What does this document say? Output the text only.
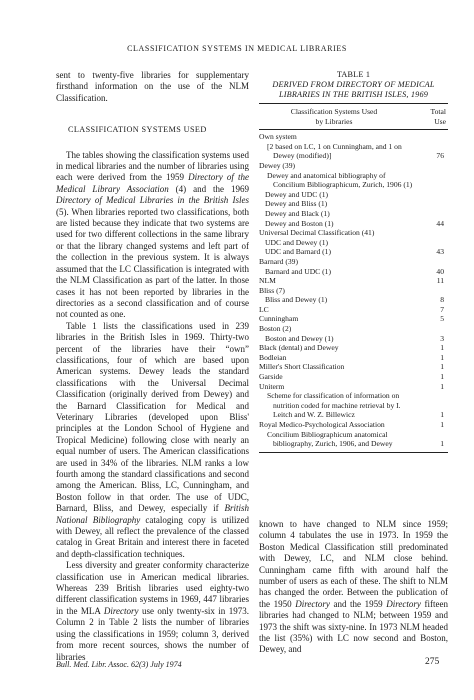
CLASSIFICATION SYSTEMS IN MEDICAL LIBRARIES

sent to twenty-five libraries for supplementary firsthand information on the use of the NLM Classification.

CLASSIFICATION SYSTEMS USED

The tables showing the classification systems used in medical libraries and the number of libraries using each were derived from the 1959 Directory of the Medical Library Association (4) and the 1969 Directory of Medical Libraries in the British Isles (5). When libraries reported two classifications, both are listed because they indicate that two systems are used for two different collections in the same library or that the library changed systems and left part of the collection in the previous system. It is always assumed that the LC Classification is integrated with the NLM Classification as part of the latter. In those cases it has not been reported by libraries in the directories as a second classification and of course not counted as one.

Table 1 lists the classifications used in 239 libraries in the British Isles in 1969. Thirty-two percent of the libraries have their “own” classifications, four of which are based upon American systems. Dewey leads the standard classifications with the Universal Decimal Classification (originally derived from Dewey) and the Barnard Classification for Medical and Veterinary Libraries (developed upon Bliss' principles at the London School of Hygiene and Tropical Medicine) following close with nearly an equal number of users. The American classifications are used in 34% of the libraries. NLM ranks a low fourth among the standard classifications and second among the American. Bliss, LC, Cunningham, and Boston follow in that order. The use of UDC, Barnard, Bliss, and Dewey, especially if British National Bibliography cataloging copy is utilized with Dewey, all reflect the prevalence of the classed catalog in Great Britain and interest there in faceted and depth-classification techniques.

Less diversity and greater conformity characterize classification use in American medical libraries. Whereas 239 British libraries used eighty-two different classification systems in 1969, 447 libraries in the MLA Directory use only twenty-six in 1973. Column 2 in Table 2 lists the number of libraries using the classifications in 1959; column 3, derived from more recent sources, shows the number of libraries

TABLE 1
DERIVED FROM DIRECTORY OF MEDICAL
LIBRARIES IN THE BRITISH ISLES, 1969
Classification Systems Used
by Libraries
Total
Use
Own system
[2 based on LC, 1 on Cunningham, and 1 on Dewey (modified)]	76
Dewey (39)
Dewey and anatomical bibliography of Concilium Bibliographicum, Zurich, 1906 (1)
Dewey and UDC (1)
Dewey and Bliss (1)
Dewey and Black (1)
Dewey and Boston (1)	44
Universal Decimal Classification (41)
UDC and Dewey (1)
UDC and Barnard (1)	43
Barnard (39)
Barnard and UDC (1)	40
NLM	11
Bliss (7)
Bliss and Dewey (1)	8
LC	7
Cunningham	5
Boston (2)
Boston and Dewey (1)	3
Black (dental) and Dewey	1
Bodleian	1
Miller's Short Classification	1
Garside	1
Uniterm	1
Scheme for classification of information on nutrition coded for machine retrieval by I. Leitch and W. Z. Billewicz	1
Royal Medico-Psychological Association	1
Concilium Bibliographicum anatomical bibliography, Zurich, 1906, and Dewey	1

known to have changed to NLM since 1959; column 4 tabulates the use in 1973. In 1959 the Boston Medical Classification still predominated with Dewey, LC, and NLM close behind. Cunningham came fifth with around half the number of users as each of these. The shift to NLM has changed the order. Between the publication of the 1950 Directory and the 1959 Directory fifteen libraries had changed to NLM; between 1959 and 1973 the shift was sixty-nine. In 1973 NLM headed the list (35%) with LC now second and Boston, Dewey, and

Bull. Med. Libr. Assoc. 62(3) July 1974	275
